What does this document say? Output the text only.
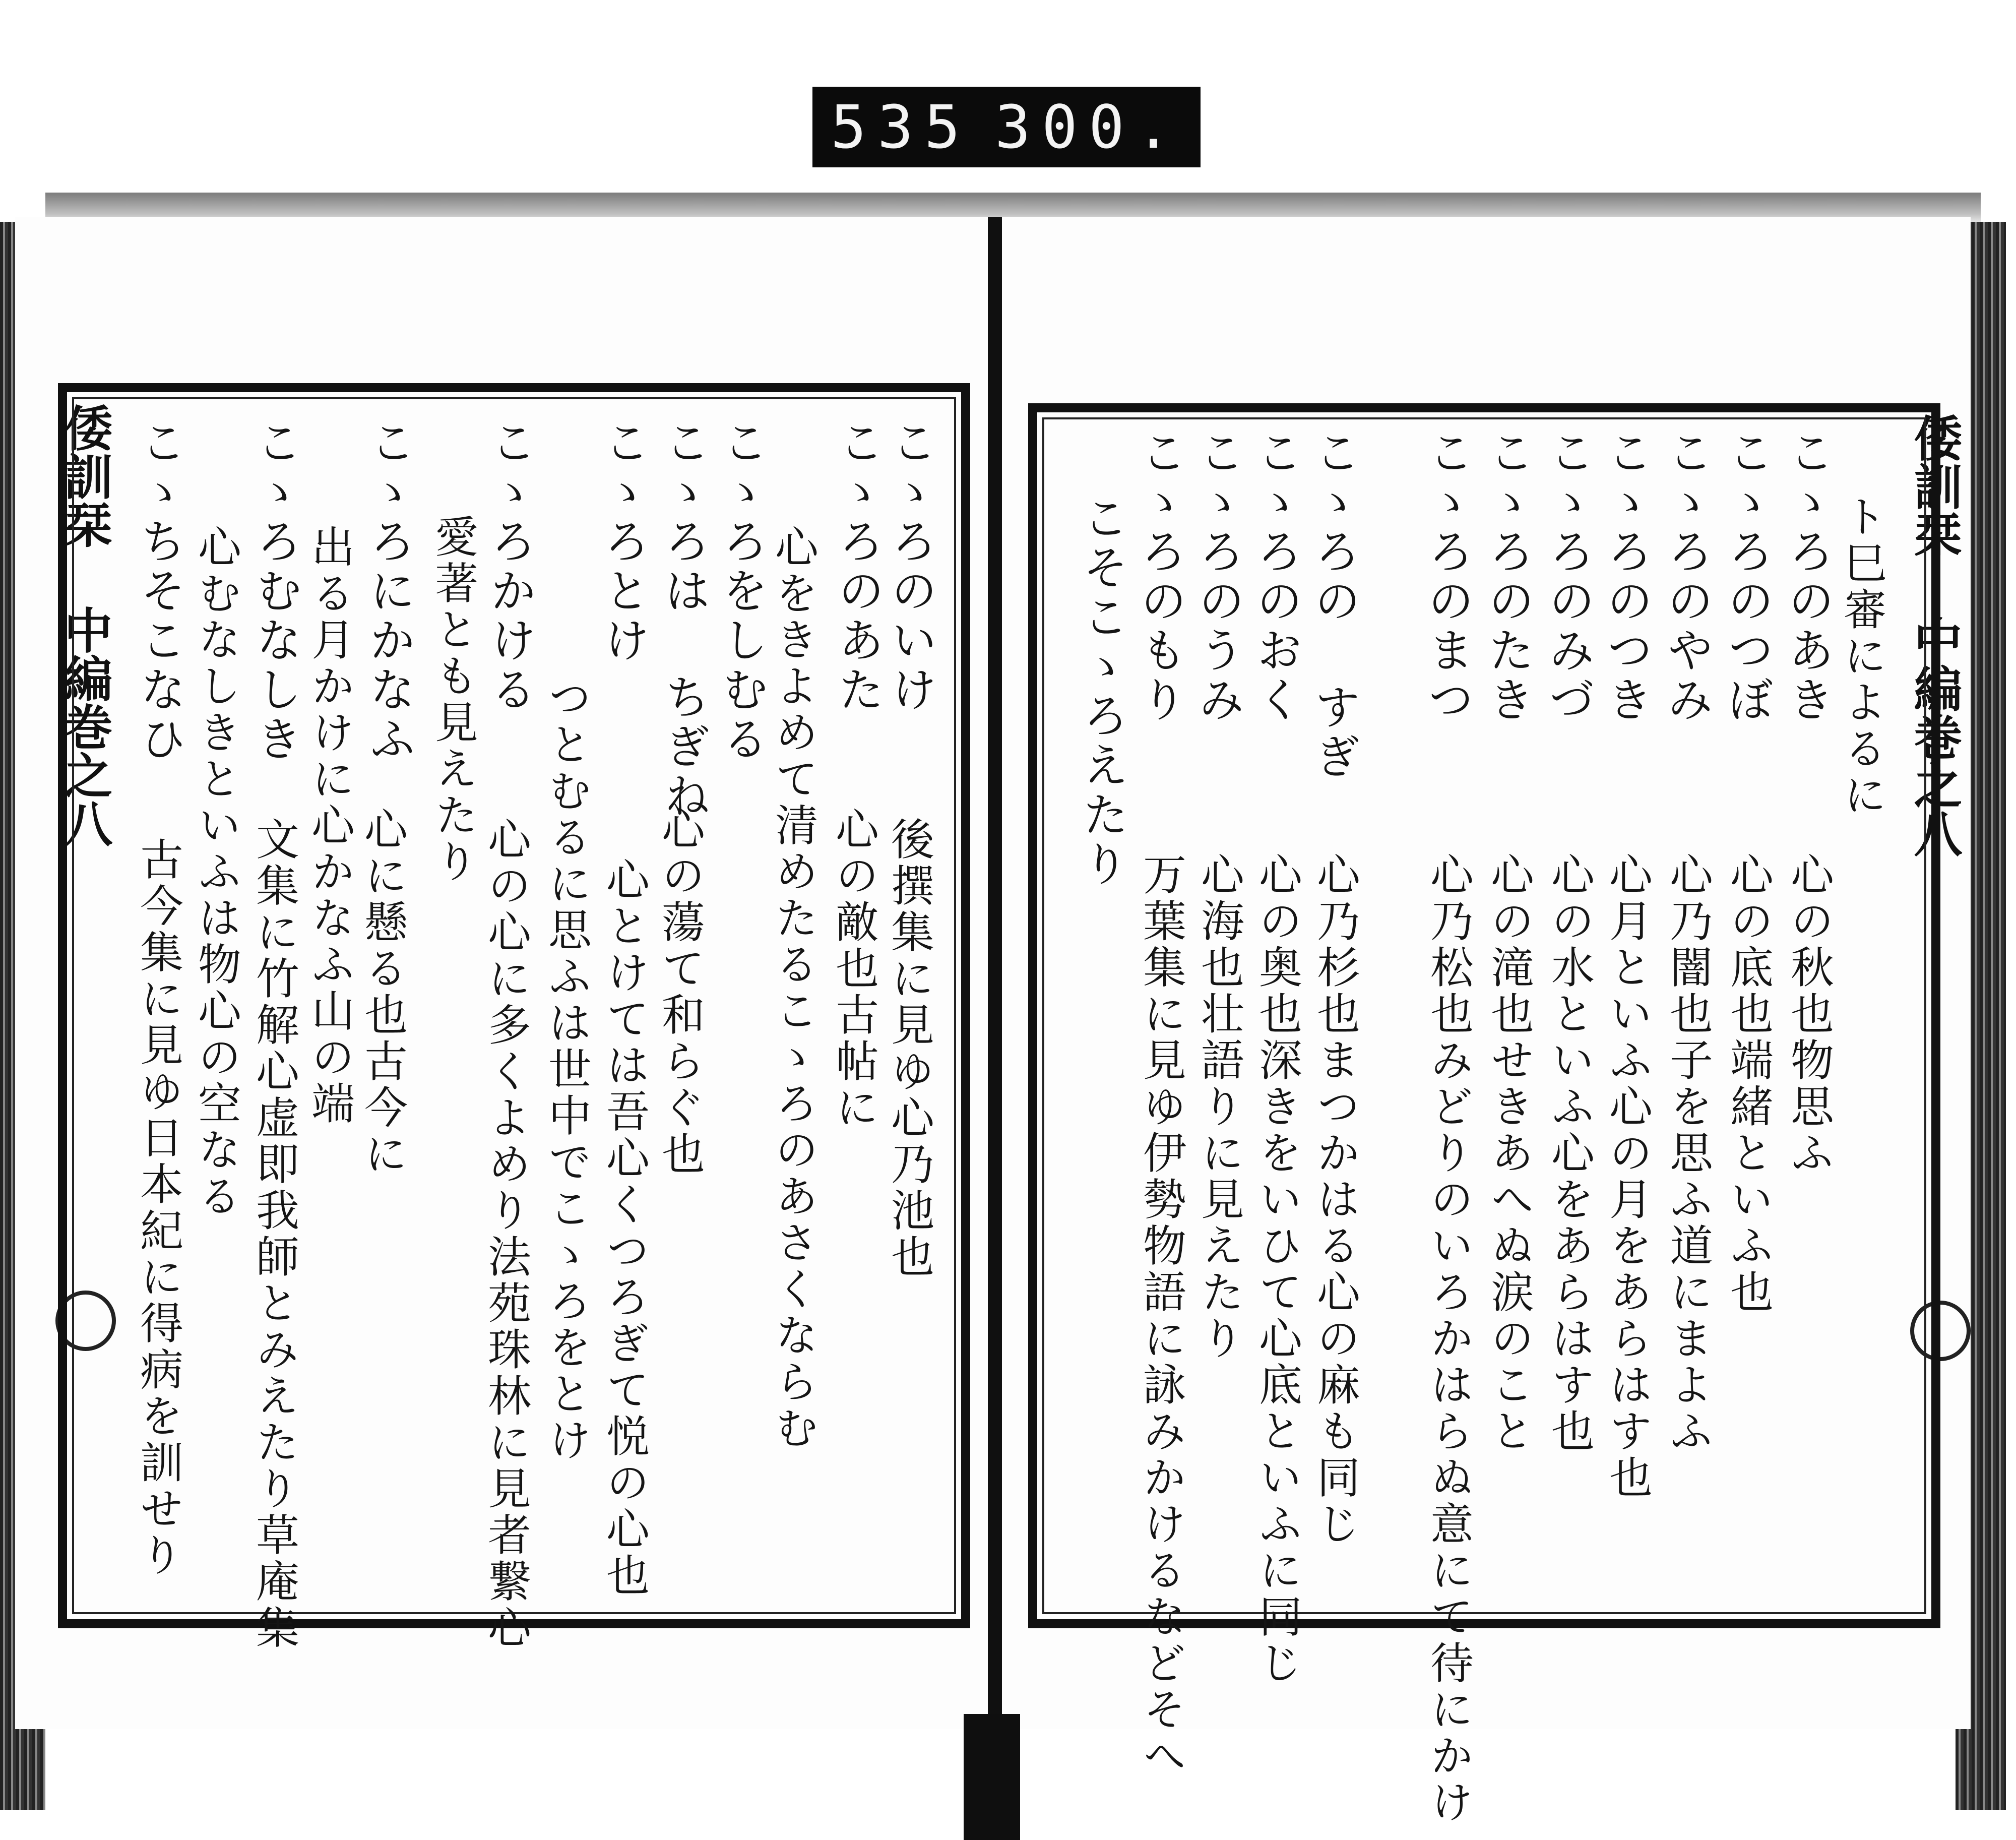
535 300.
倭訓栞 中編巻之八	こゝろのいけ
こゝろのあた
心の敵也古帖に 後撰集に見ゆ心乃池也
こゝろをしむる
心をきよめて清めたるこゝろのあさくならむ
心の蕩て和らぐ也
こゝろは ちぎね
こゝろとけ
心とけては吾心くつろぎて悦の心也
つとむるに思ふは世中でこゝろをとけ
心の心に多くよめり法苑珠林に見者繋心
こゝろかける
愛著とも見えたり
心に懸る也古今に
こゝろにかなふ
出る月かけに心かなふ山の端
文集に竹解心虚即我師とみえたり草庵集
こゝろむなしき
心むなしきといふは物心の空なる
古今集に見ゆ日本紀に得病を訓せり
こゝちそこなひ	倭訓栞 中編巻之八
ト巳審によるに
こゝろのあき
心の秋也物思ふ
こゝろのつぼ
心の底也端緒といふ也
こゝろのやみ
心乃闇也子を思ふ道にまよふ
こゝろのつき
心月といふ心の月をあらはす也
こゝろのみづ
心の水といふ心をあらはす也
こゝろのたき
心の滝也せきあへぬ涙のこと
こゝろのまつ
心乃松也みどりのいろかはらぬ意にて待にかけ
こゝろの すぎ
心乃杉也まつかはる心の麻も同じ
こゝろのおく
心の奥也深きをいひて心底といふに同じ
こゝろのうみ
心海也壮語りに見えたり
こゝろのもり
万葉集に見ゆ伊勢物語に詠みかけるなどそへ
こそこゝろえたり
